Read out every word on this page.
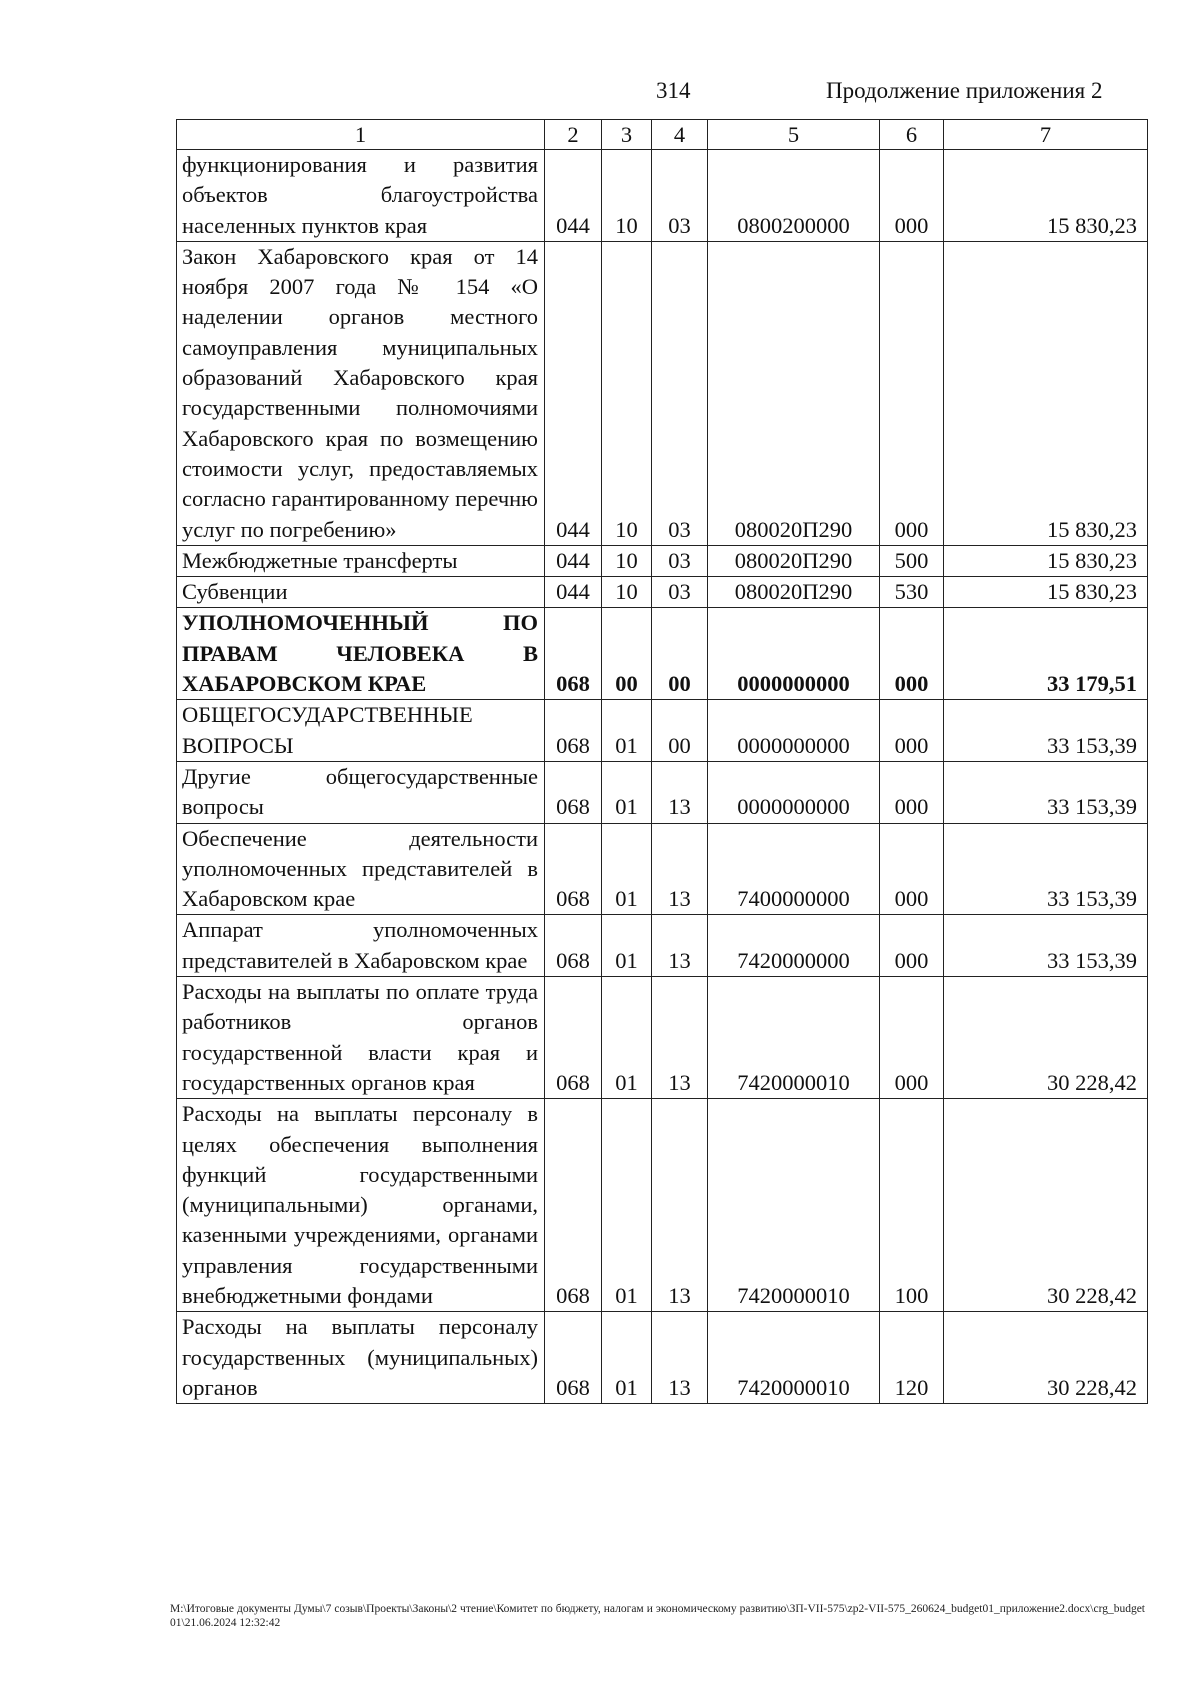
314	Продолжение приложения 2
1	2	3	4	5	6	7
функционирования и развития объектов благоустройства населенных пунктов края	044	10	03	0800200000	000	15 830,23
Закон Хабаровского края от 14 ноября 2007 года № 154 «О наделении органов местного самоуправления муниципальных образований Хабаровского края государственными полномочиями Хабаровского края по возмещению стоимости услуг, предоставляемых согласно гарантированному перечню услуг по погребению»	044	10	03	080020П290	000	15 830,23
Межбюджетные трансферты	044	10	03	080020П290	500	15 830,23
Субвенции	044	10	03	080020П290	530	15 830,23
УПОЛНОМОЧЕННЫЙ ПО ПРАВАМ ЧЕЛОВЕКА В ХАБАРОВСКОМ КРАЕ	068	00	00	0000000000	000	33 179,51
ОБЩЕГОСУДАРСТВЕННЫЕ ВОПРОСЫ	068	01	00	0000000000	000	33 153,39
Другие общегосударственные вопросы	068	01	13	0000000000	000	33 153,39
Обеспечение деятельности уполномоченных представителей в Хабаровском крае	068	01	13	7400000000	000	33 153,39
Аппарат уполномоченных представителей в Хабаровском крае	068	01	13	7420000000	000	33 153,39
Расходы на выплаты по оплате труда работников органов государственной власти края и государственных органов края	068	01	13	7420000010	000	30 228,42
Расходы на выплаты персоналу в целях обеспечения выполнения функций государственными (муниципальными) органами, казенными учреждениями, органами управления государственными внебюджетными фондами	068	01	13	7420000010	100	30 228,42
Расходы на выплаты персоналу государственных (муниципальных) органов	068	01	13	7420000010	120	30 228,42
М:\Итоговые документы Думы\7 созыв\Проекты\Законы\2 чтение\Комитет по бюджету, налогам и экономическому развитию\ЗП-VII-575\zp2-VII-575_260624_budget01_приложение2.docx\crg_budget01\21.06.2024 12:32:42
